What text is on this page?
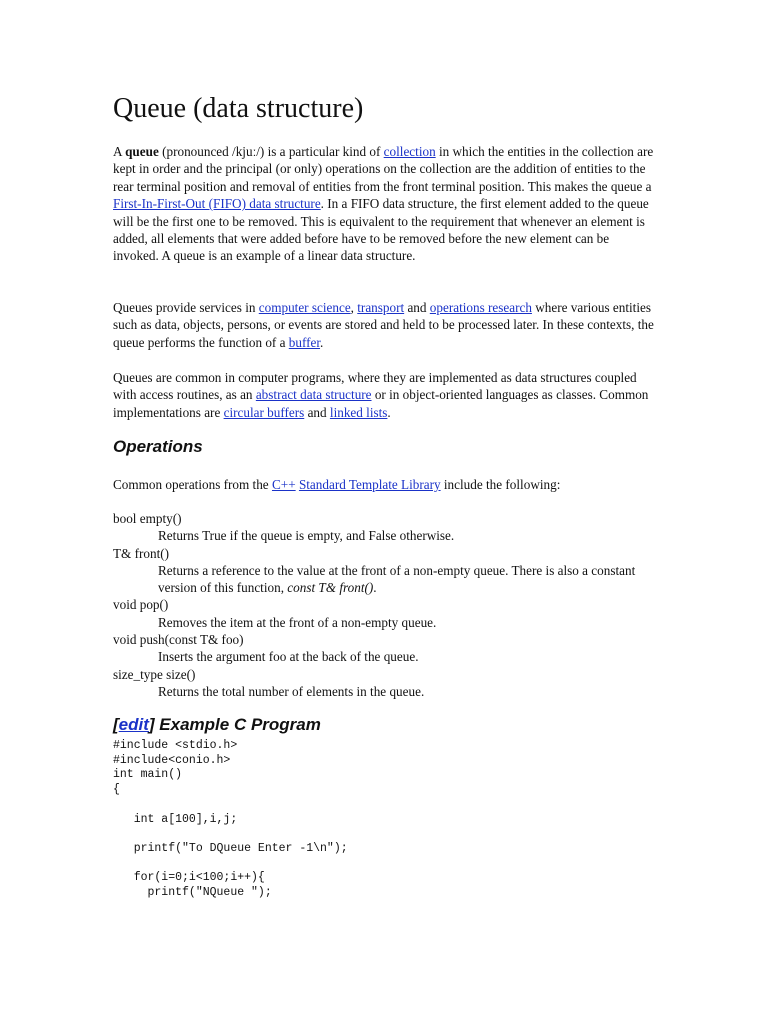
Queue (data structure)

A queue (pronounced /kjuː/) is a particular kind of collection in which the entities in the collection are kept in order and the principal (or only) operations on the collection are the addition of entities to the rear terminal position and removal of entities from the front terminal position. This makes the queue a First-In-First-Out (FIFO) data structure. In a FIFO data structure, the first element added to the queue will be the first one to be removed. This is equivalent to the requirement that whenever an element is added, all elements that were added before have to be removed before the new element can be invoked. A queue is an example of a linear data structure.

Queues provide services in computer science, transport and operations research where various entities such as data, objects, persons, or events are stored and held to be processed later. In these contexts, the queue performs the function of a buffer.

Queues are common in computer programs, where they are implemented as data structures coupled with access routines, as an abstract data structure or in object-oriented languages as classes. Common implementations are circular buffers and linked lists.

Operations

Common operations from the C++ Standard Template Library include the following:

bool empty()
Returns True if the queue is empty, and False otherwise.
T& front()
Returns a reference to the value at the front of a non-empty queue. There is also a constant version of this function, const T& front().
void pop()
Removes the item at the front of a non-empty queue.
void push(const T& foo)
Inserts the argument foo at the back of the queue.
size_type size()
Returns the total number of elements in the queue.
[edit] Example C Program
#include <stdio.h>
#include<conio.h>
int main()
{

int a[100],i,j;

printf("To DQueue Enter -1\n");

for(i=0;i<100;i++){
printf("NQueue ");
